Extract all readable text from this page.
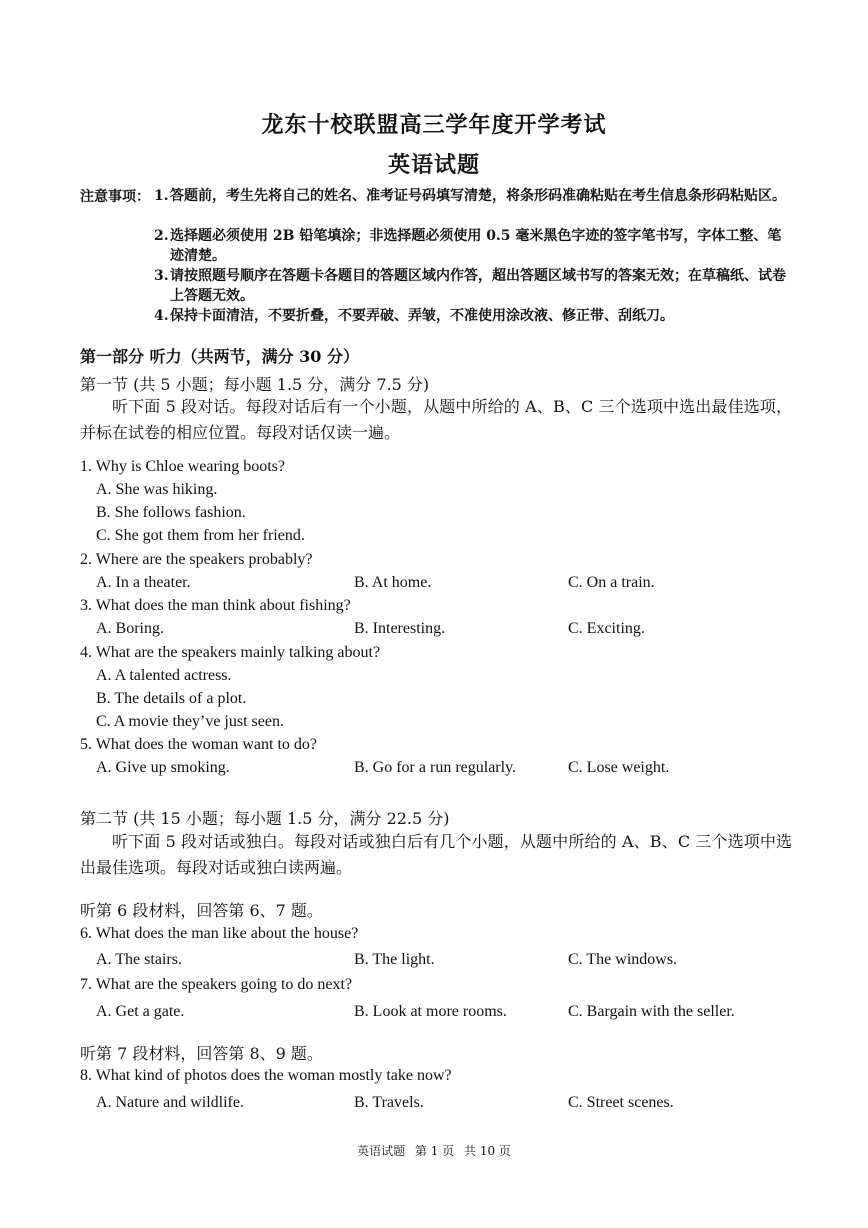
龙东十校联盟高三学年度开学考试
英语试题
注意事项： 1. 答题前，考生先将自己的姓名、准考证号码填写清楚，将条形码准确粘贴在考生信息条形码粘贴区。
2. 选择题必须使用 2B 铅笔填涂；非选择题必须使用 0.5 毫米黑色字迹的签字笔书写，字体工整、笔迹清楚。
3. 请按照题号顺序在答题卡各题目的答题区域内作答，超出答题区域书写的答案无效；在草稿纸、试卷上答题无效。
4. 保持卡面清洁，不要折叠，不要弄破、弄皱，不准使用涂改液、修正带、刮纸刀。
第一部分 听力（共两节，满分 30 分）
第一节 (共 5 小题；每小题 1.5 分，满分 7.5 分)
听下面 5 段对话。每段对话后有一个小题，从题中所给的 A、B、C 三个选项中选出最佳选项，并标在试卷的相应位置。每段对话仅读一遍。
1. Why is Chloe wearing boots?
A. She was hiking.
B. She follows fashion.
C. She got them from her friend.
2. Where are the speakers probably?
A. In a theater.	B. At home.	C. On a train.
3. What does the man think about fishing?
A. Boring.	B. Interesting.	C. Exciting.
4. What are the speakers mainly talking about?
A. A talented actress.
B. The details of a plot.
C. A movie they’ve just seen.
5. What does the woman want to do?
A. Give up smoking.	B. Go for a run regularly.	C. Lose weight.
第二节 (共 15 小题；每小题 1.5 分，满分 22.5 分)
听下面 5 段对话或独白。每段对话或独白后有几个小题，从题中所给的 A、B、C 三个选项中选出最佳选项。每段对话或独白读两遍。
听第 6 段材料，回答第 6、7 题。
6. What does the man like about the house?
A. The stairs.	B. The light.	C. The windows.
7. What are the speakers going to do next?
A. Get a gate.	B. Look at more rooms.	C. Bargain with the seller.
听第 7 段材料，回答第 8、9 题。
8. What kind of photos does the woman mostly take now?
A. Nature and wildlife.	B. Travels.	C. Street scenes.
英语试题 第 1 页 共 10 页
